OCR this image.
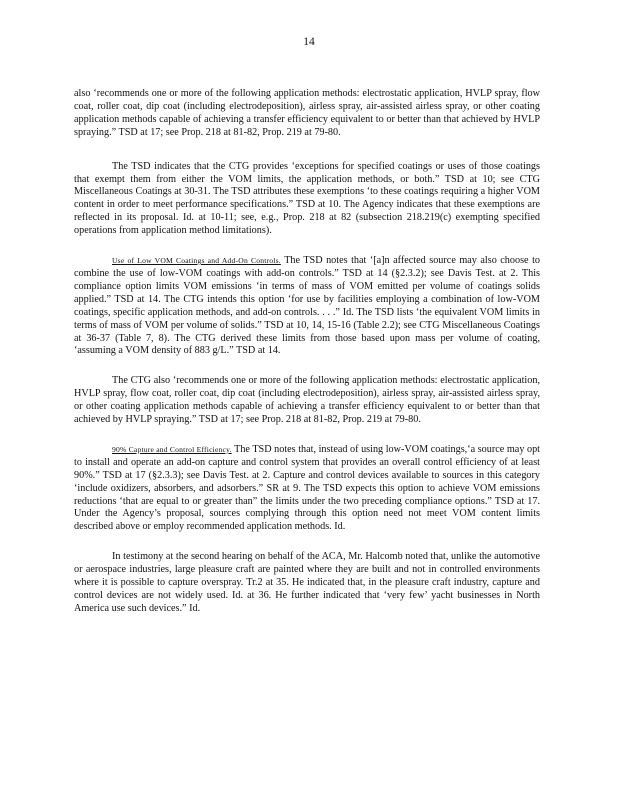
14

also ‘recommends one or more of the following application methods: electrostatic application, HVLP spray, flow coat, roller coat, dip coat (including electrodeposition), airless spray, air-assisted airless spray, or other coating application methods capable of achieving a transfer efficiency equivalent to or better than that achieved by HVLP spraying.” TSD at 17; see Prop. 218 at 81-82, Prop. 219 at 79-80.

The TSD indicates that the CTG provides ‘exceptions for specified coatings or uses of those coatings that exempt them from either the VOM limits, the application methods, or both.” TSD at 10; see CTG Miscellaneous Coatings at 30-31. The TSD attributes these exemptions ‘to these coatings requiring a higher VOM content in order to meet performance specifications.” TSD at 10. The Agency indicates that these exemptions are reflected in its proposal. Id. at 10-11; see, e.g., Prop. 218 at 82 (subsection 218.219(c) exempting specified operations from application method limitations).

Use of Low VOM Coatings and Add-On Controls. The TSD notes that ‘[a]n affected source may also choose to combine the use of low-VOM coatings with add-on controls.” TSD at 14 (§2.3.2); see Davis Test. at 2. This compliance option limits VOM emissions ‘in terms of mass of VOM emitted per volume of coatings solids applied.” TSD at 14. The CTG intends this option ‘for use by facilities employing a combination of low-VOM coatings, specific application methods, and add-on controls. . . .” Id. The TSD lists ‘the equivalent VOM limits in terms of mass of VOM per volume of solids.” TSD at 10, 14, 15-16 (Table 2.2); see CTG Miscellaneous Coatings at 36-37 (Table 7, 8). The CTG derived these limits from those based upon mass per volume of coating, ‘assuming a VOM density of 883 g/L.” TSD at 14.

The CTG also ‘recommends one or more of the following application methods: electrostatic application, HVLP spray, flow coat, roller coat, dip coat (including electrodeposition), airless spray, air-assisted airless spray, or other coating application methods capable of achieving a transfer efficiency equivalent to or better than that achieved by HVLP spraying.” TSD at 17; see Prop. 218 at 81-82, Prop. 219 at 79-80.

90% Capture and Control Efficiency. The TSD notes that, instead of using low-VOM coatings,‘a source may opt to install and operate an add-on capture and control system that provides an overall control efficiency of at least 90%.” TSD at 17 (§2.3.3); see Davis Test. at 2. Capture and control devices available to sources in this category ‘include oxidizers, absorbers, and adsorbers.” SR at 9. The TSD expects this option to achieve VOM emissions reductions ‘that are equal to or greater than” the limits under the two preceding compliance options.” TSD at 17. Under the Agency’s proposal, sources complying through this option need not meet VOM content limits described above or employ recommended application methods. Id.

In testimony at the second hearing on behalf of the ACA, Mr. Halcomb noted that, unlike the automotive or aerospace industries, large pleasure craft are painted where they are built and not in controlled environments where it is possible to capture overspray. Tr.2 at 35. He indicated that, in the pleasure craft industry, capture and control devices are not widely used. Id. at 36. He further indicated that ‘very few’ yacht businesses in North America use such devices.” Id.
